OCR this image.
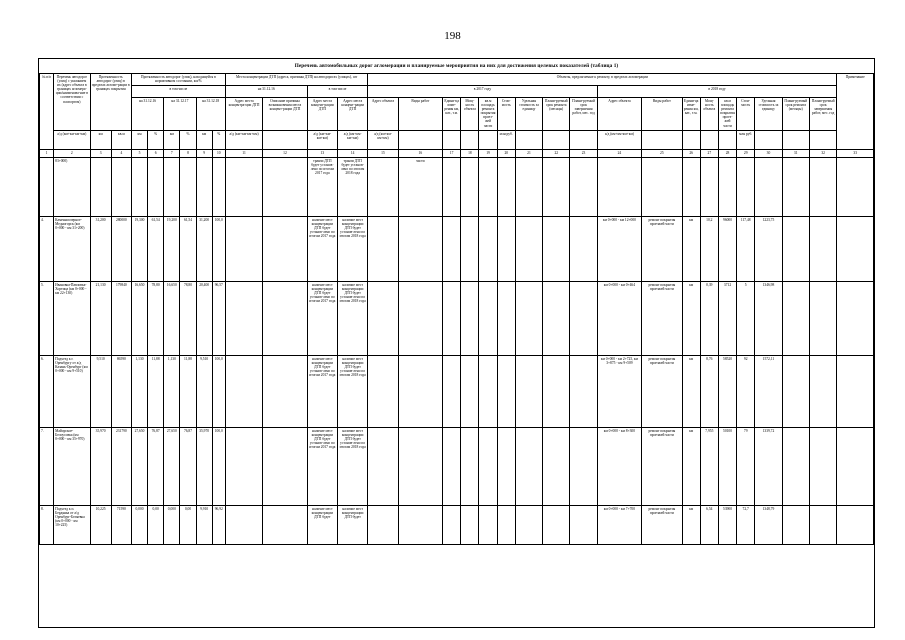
198
Перечень автомобильных дорог агломерации и планируемые мероприятия на них для достижения целевых показателей (таблица 1)
№ п/п	Перечень автодорог (улиц) с указанием их (адрес объекта в границах агломера-ции/наименова-ние в соответствии с паспортом)	Протяженность автодорог (улиц) в пределах агломе-рации в границах покрытия		Протяженность автодорог (улиц), находящейся в нормативном состоянии, км/%						Места концентрации ДТП (адреса, причины ДТП) на автодорогах (улицах), шт				Объекты, предлагаемые к ремонту, в пределах агломерации																		Примечание
				в том числе						на 31.12.16		в том числе		в 2017 году									в 2018 году									
				на 31.12.16		на 31.12.17		на 31.12.18		Адрес места концентра-ции ДТП	Описание причины возникновения места концент-рации ДТП	Адрес места концент-рации ДТП	Адрес места концент-рации ДТП	Адрес объекта	Виды работ	Едини-ца изме-рения км, кат., т.м.	Мощ-ность объекта	кв.м площадь ремонта покрытия проез-жей части	Стои-мость	Удельная стоимость за единицу	Плани-руемый срок ремонта (месяцы)	Плани-руемый срок завершения работ, мес. год	Адрес объекта	Виды работ	Едини-ца изме-рения км, кат., т.м.	Мощ-ность объекта	кв.м площадь ремонта покрытия проез-жей части	Стои-мость	Удельная стоимость за единицу	Плани-руемый срок ремонта (месяцы)	Плани-руемый срок завершения работ, мес. год	
	а/д (км+км-км+км)	км	кв.м	км	%	км	%	км	%	а/д (км+км-км+км)		а/д (км+км-км+км)	а/д (км+км-км+км)	а/д (км+км-км+км)					млн руб.				а/д (км+км-км+км)					млн руб.				
1	2	3	4	5	6	7	8	9	10	11	12	13	14	15	16	17	18	19	20	21	22	23	24	25	26	27	28	29	30	31	32	33
	83+000)											транзи ДТП будет установ-лено по итогам 2017 года	транзи ДТП будет установ-лено по итогам 2018 года		части																	
4.	Каменноозерное-Медногорск (км 0+000 - км 31+200)	31,200	280000	19,300	61,54	19,200	61,54	31,200	100,0			наличие мест концентрации ДТП будет установ-лено по итогам 2017 года	наличие мест концентрации ДТП будет установ-лено по итогам 2018 года										км 0+000 - км 12+000	ремонт покрытия проезжей части	км	10,2	96000	117,48	1223,75			
5.	Ивановка-Павловка-Хортица (км 0+000 - км 22+130)	21,130	179840	16,650	78,80	16,650	78,80	20,400	96,57			наличие мест концентрации ДТП будет установ-лено по итогам 2017 года	наличие мест концентрации ДТП будет установ-лено по итогам 2018 года										км 0+000 - км 0+464	ремонт покрытия проезжей части	км	0,39	3712	5	1346,98			
6.	Подъезд к г. Оренбургу от а/д Казань-Оренбург (км 0+000 - км 9+510)	9,510	86590	1,130	11,88	1,130	11,88	9,510	100,0			наличие мест концентрации ДТП будет установ-лено по итогам 2017 года	наличие мест концентрации ДТП будет установ-лено по итогам 2018 года										км 0+000 - км 2+725, км 3+875 - км 9+509	ремонт покрытия проезжей части	км	8,76	58520	92	1572,11			
7.	Майорское-Белоусовка (км 0+000 - км 35+970)	35,970	231790	27,650	76,87	27,650	76,87	35,970	100,0			наличие мест концентрации ДТП будет установ-лено по итогам 2017 года	наличие мест концентрации ДТП будет установ-лено по итогам 2018 года										км 0+000 - км 8+300	ремонт покрытия проезжей части	км	7,955	50100	79	1339,72			
8.	Подъезд к п. Бердянка от а/д Оренбург-Беляевка (км 0+000 - км 10+225)	10,225	71590	0,000	0,00	0,000	0,00	9,910	96,92			наличие мест концентрации ДТП будет	наличие мест концентрации ДТП будет										км 0+000 - км 7+700	ремонт покрытия проезжей части	км	6,54	53900	72,7	1348,79			
